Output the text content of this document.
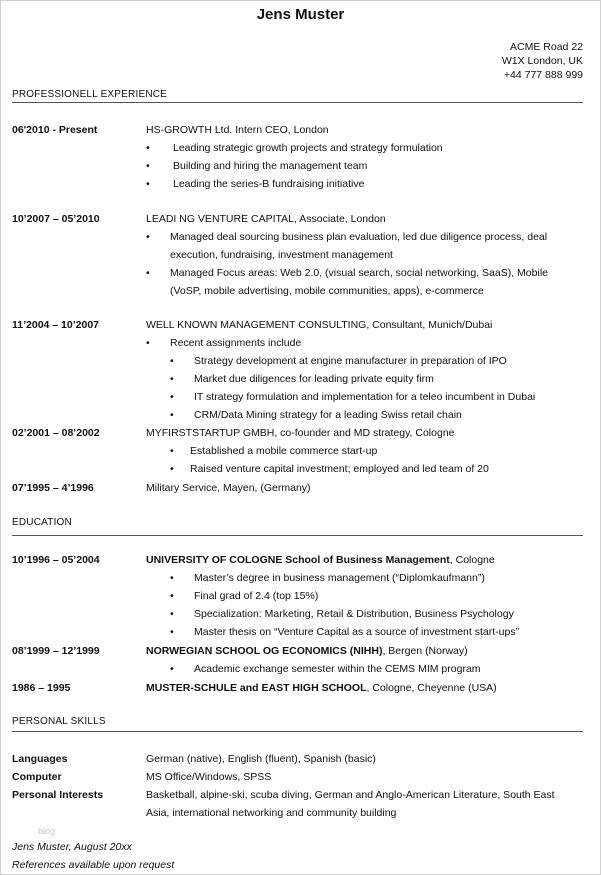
Jens Muster
ACME Road 22
W1X London, UK
+44 777 888 999
PROFESSIONELL EXPERIENCE
06'2010 - Present	HS-GROWTH Ltd. Intern CEO, London
• Leading strategic growth projects and strategy formulation
• Building and hiring the management team
• Leading the series-B fundraising initiative
10’2007 – 05’2010	LEADI NG VENTURE CAPITAL, Associate, London
• Managed deal sourcing business plan evaluation, led due diligence process, deal execution, fundraising, investment management
• Managed Focus areas: Web 2.0, (visual search, social networking, SaaS), Mobile (VoSP, mobile advertising, mobile communities, apps), e-commerce
11’2004 – 10’2007	WELL KNOWN MANAGEMENT CONSULTING, Consultant, Munich/Dubai
• Recent assignments include
• Strategy development at engine manufacturer in preparation of IPO
• Market due diligences for leading private equity firm
• IT strategy formulation and implementation for a teleo incumbent in Dubai
• CRM/Data Mining strategy for a leading Swiss retail chain
02’2001 – 08’2002	MYFIRSTSTARTUP GMBH, co-founder and MD strategy, Cologne
• Established a mobile commerce start-up
• Raised venture capital investment; employed and led team of 20
07’1995 – 4’1996	Military Service, Mayen, (Germany)
EDUCATION
10’1996 – 05’2004	UNIVERSITY OF COLOGNE School of Business Management, Cologne
• Master’s degree in business management (“Diplomkaufmann”)
• Final grad of 2.4 (top 15%)
• Specialization: Marketing, Retail & Distribution, Business Psychology
• Master thesis on “Venture Capital as a source of investment start-ups”
08’1999 – 12’1999	NORWEGIAN SCHOOL OG ECONOMICS (NIHH), Bergen (Norway)
• Academic exchange semester within the CEMS MIM program
1986 – 1995	MUSTER-SCHULE and EAST HIGH SCHOOL, Cologne, Cheyenne (USA)
PERSONAL SKILLS
Languages	German (native), English (fluent), Spanish (basic)
Computer	MS Office/Windows, SPSS
Personal Interests	Basketball, alpine-ski, scuba diving, German and Anglo-American Literature, South East Asia, international networking and community building
blog
Jens Muster, August 20xx
References available upon request
